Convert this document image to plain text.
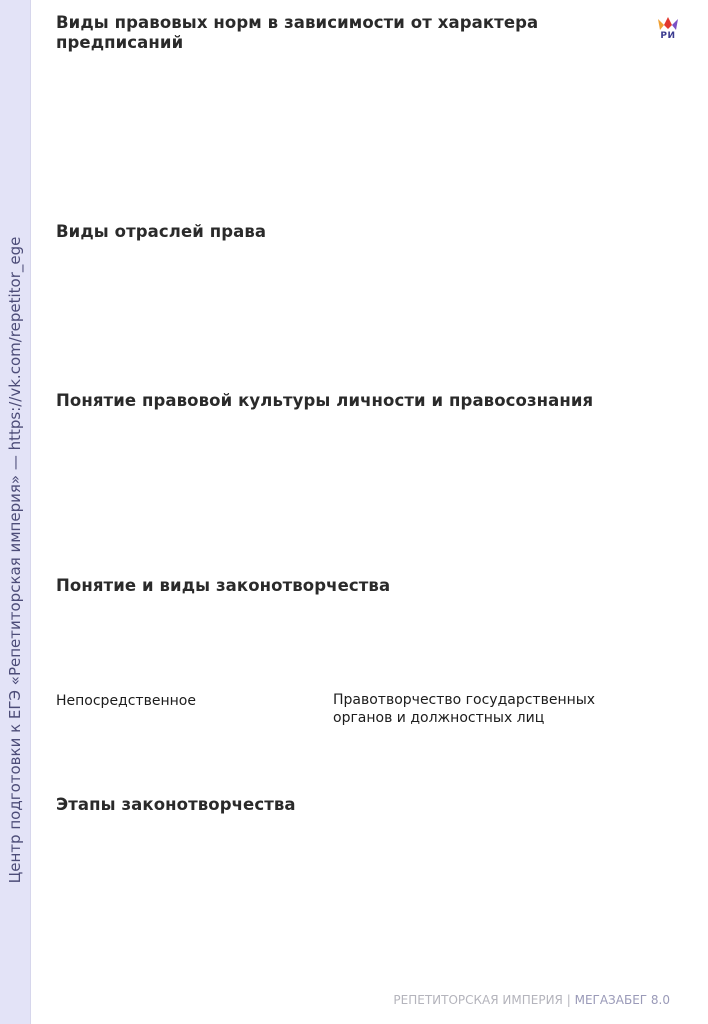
Центр подготовки к ЕГЭ «Репетиторская империя» — https://vk.com/repetitor_ege
РИ
Виды правовых норм в зависимости от характера предписаний
Виды отраслей права
Понятие правовой культуры личности и правосознания
Понятие и виды законотворчества

Непосредственное	Правотворчество государственных органов и должностных лиц

Этапы законотворчества
РЕПЕТИТОРСКАЯ ИМПЕРИЯ | МЕГАЗАБЕГ 8.0
